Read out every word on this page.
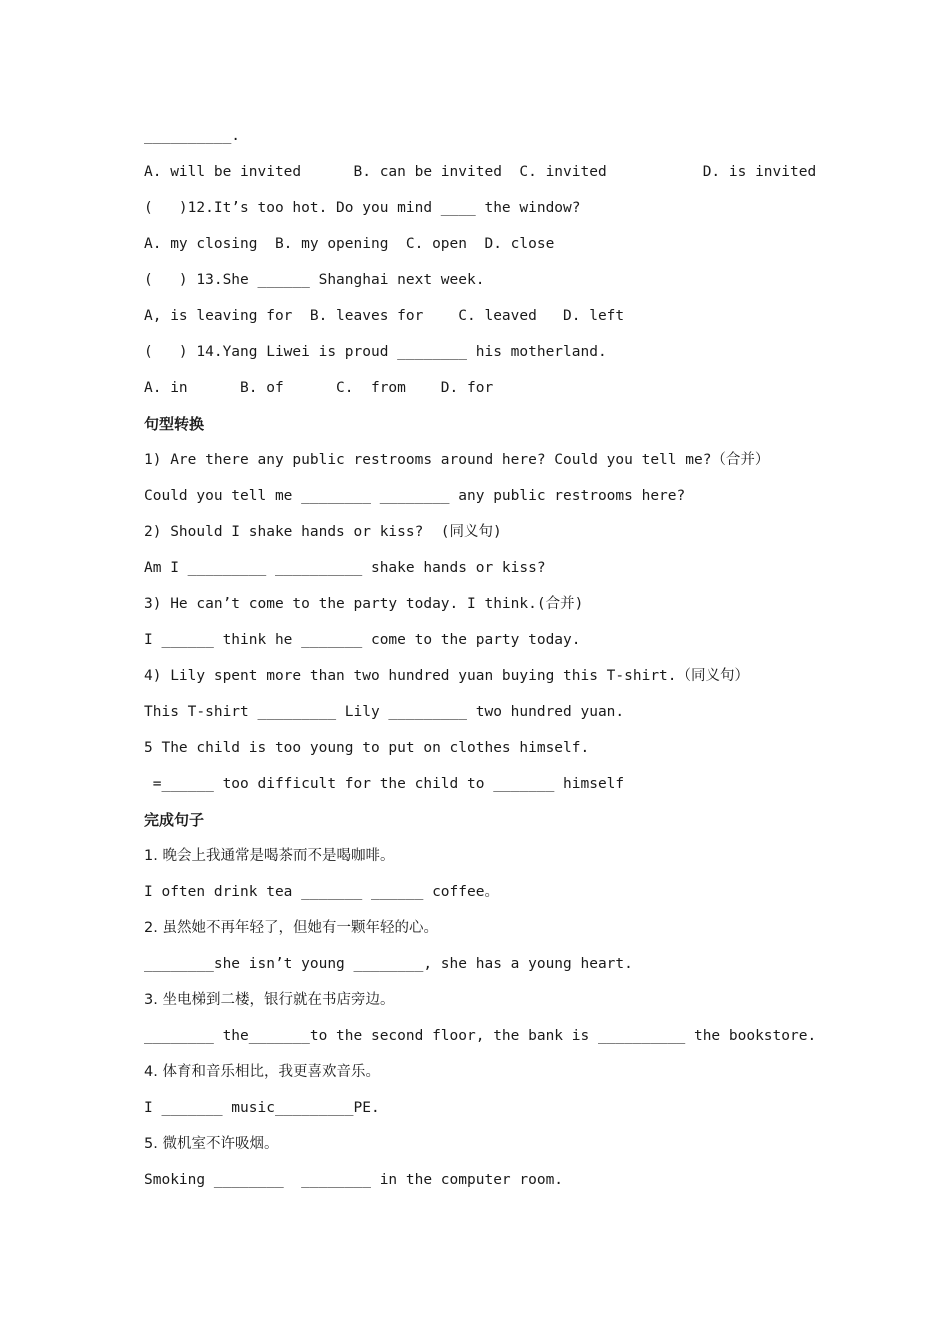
__________.
A. will be invited      B. can be invited  C. invited           D. is invited
(   )12.It’s too hot. Do you mind ____ the window?
A. my closing  B. my opening  C. open  D. close
(   ) 13.She ______ Shanghai next week.
A, is leaving for  B. leaves for    C. leaved   D. left
(   ) 14.Yang Liwei is proud ________ his motherland.
A. in      B. of      C.  from    D. for
句型转换
1) Are there any public restrooms around here? Could you tell me?（合并）
Could you tell me ________ ________ any public restrooms here?
2) Should I shake hands or kiss?  (同义句)
Am I _________ __________ shake hands or kiss?
3) He can’t come to the party today. I think.(合并)
I ______ think he _______ come to the party today.
4) Lily spent more than two hundred yuan buying this T-shirt.（同义句）
This T-shirt _________ Lily _________ two hundred yuan.
5 The child is too young to put on clothes himself.
=______ too difficult for the child to _______ himself
完成句子
1. 晚会上我通常是喝茶而不是喝咖啡。
I often drink tea _______ ______ coffee。
2. 虽然她不再年轻了，但她有一颗年轻的心。
________she isn’t young ________, she has a young heart.
3. 坐电梯到二楼，银行就在书店旁边。
________ the_______to the second floor, the bank is __________ the bookstore.
4. 体育和音乐相比，我更喜欢音乐。
I _______ music_________PE.
5. 微机室不许吸烟。
Smoking ________  ________ in the computer room.
